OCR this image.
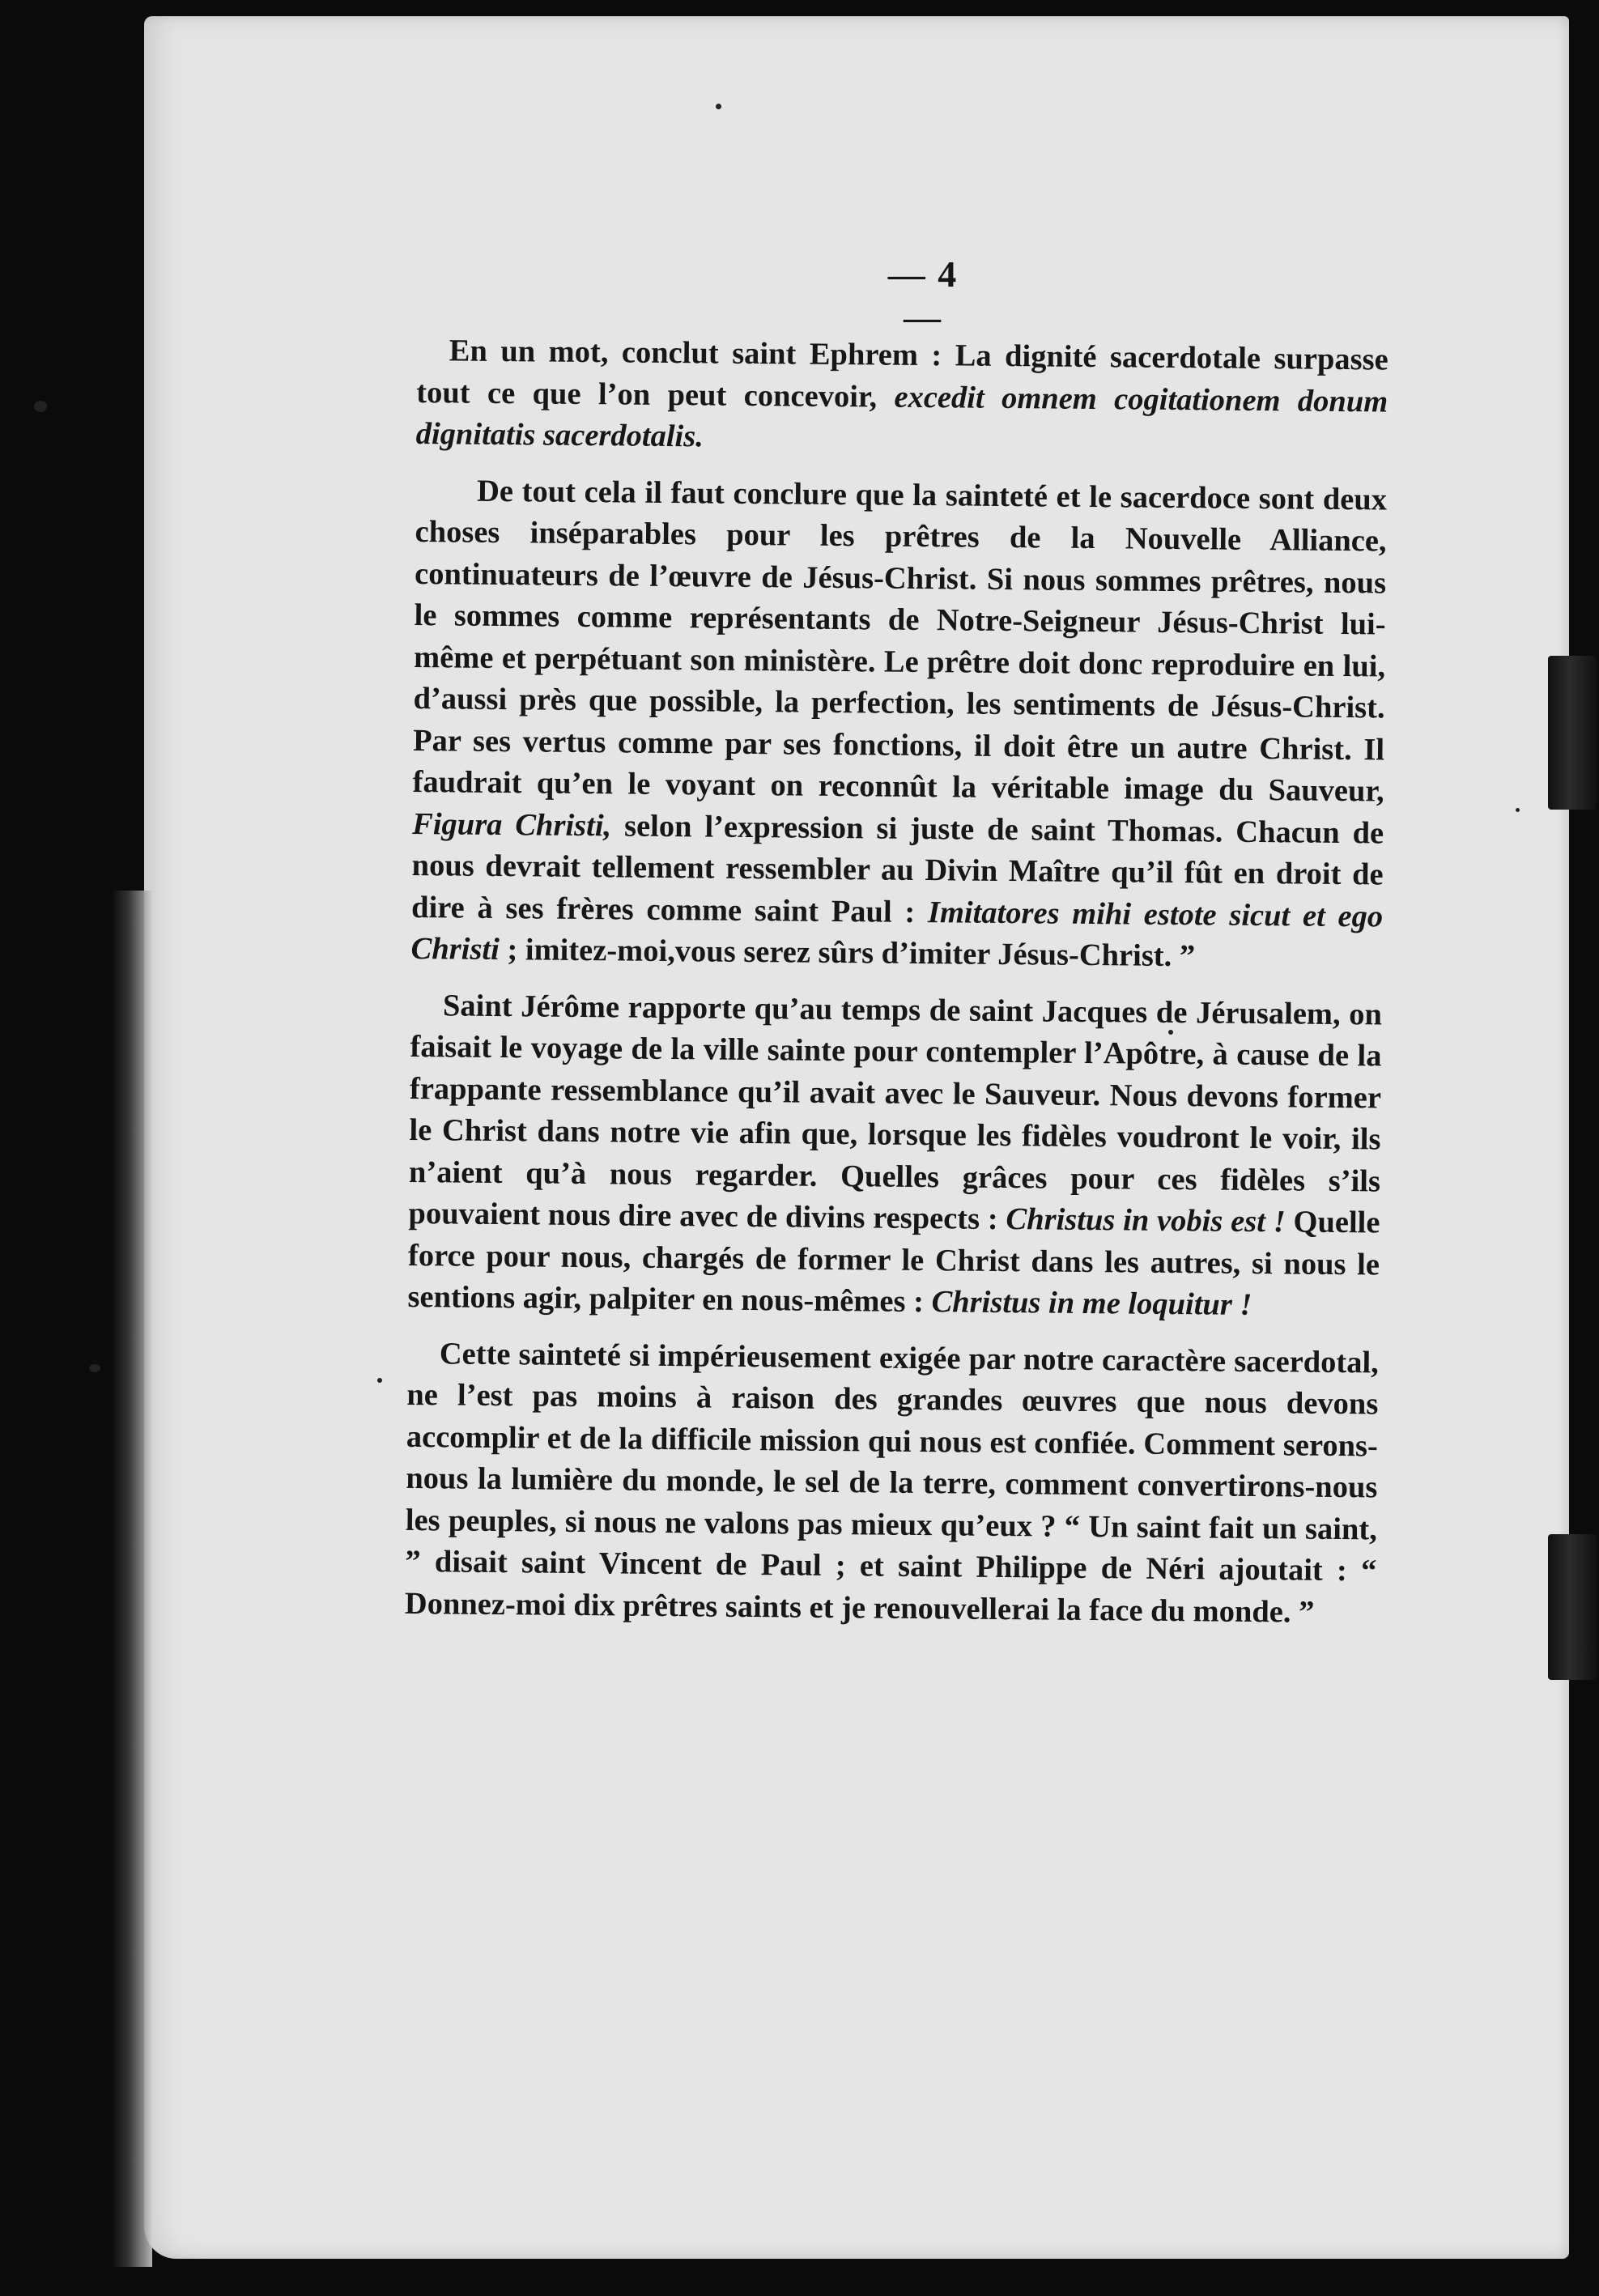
— 4 —

En un mot, conclut saint Ephrem : La dignité sacerdotale surpasse tout ce que l’on peut concevoir, excedit omnem cogitationem donum dignitatis sacerdotalis.

De tout cela il faut conclure que la sainteté et le sacerdoce sont deux choses inséparables pour les prêtres de la Nouvelle Alliance, continuateurs de l’œuvre de Jésus-Christ. Si nous sommes prêtres, nous le sommes comme représentants de Notre-Seigneur Jésus-Christ lui-même et perpétuant son ministère. Le prêtre doit donc reproduire en lui, d’aussi près que possible, la perfection, les sentiments de Jésus-Christ. Par ses vertus comme par ses fonctions, il doit être un autre Christ. Il faudrait qu’en le voyant on reconnût la véritable image du Sauveur, Figura Christi, selon l’expression si juste de saint Thomas. Chacun de nous devrait tellement ressembler au Divin Maître qu’il fût en droit de dire à ses frères comme saint Paul : Imitatores mihi estote sicut et ego Christi ; imitez-moi,vous serez sûrs d’imiter Jésus-Christ. ”

Saint Jérôme rapporte qu’au temps de saint Jacques de Jérusalem, on faisait le voyage de la ville sainte pour contempler l’Apôtre, à cause de la frappante ressemblance qu’il avait avec le Sauveur. Nous devons former le Christ dans notre vie afin que, lorsque les fidèles voudront le voir, ils n’aient qu’à nous regarder. Quelles grâces pour ces fidèles s’ils pouvaient nous dire avec de divins respects : Christus in vobis est ! Quelle force pour nous, chargés de former le Christ dans les autres, si nous le sentions agir, palpiter en nous-mêmes : Christus in me loquitur !

Cette sainteté si impérieusement exigée par notre caractère sacerdotal, ne l’est pas moins à raison des grandes œuvres que nous devons accomplir et de la difficile mission qui nous est confiée. Comment serons-nous la lumière du monde, le sel de la terre, comment convertirons-nous les peuples, si nous ne valons pas mieux qu’eux ? “ Un saint fait un saint, ” disait saint Vincent de Paul ; et saint Philippe de Néri ajoutait : “ Donnez-moi dix prêtres saints et je renouvellerai la face du monde. ”
